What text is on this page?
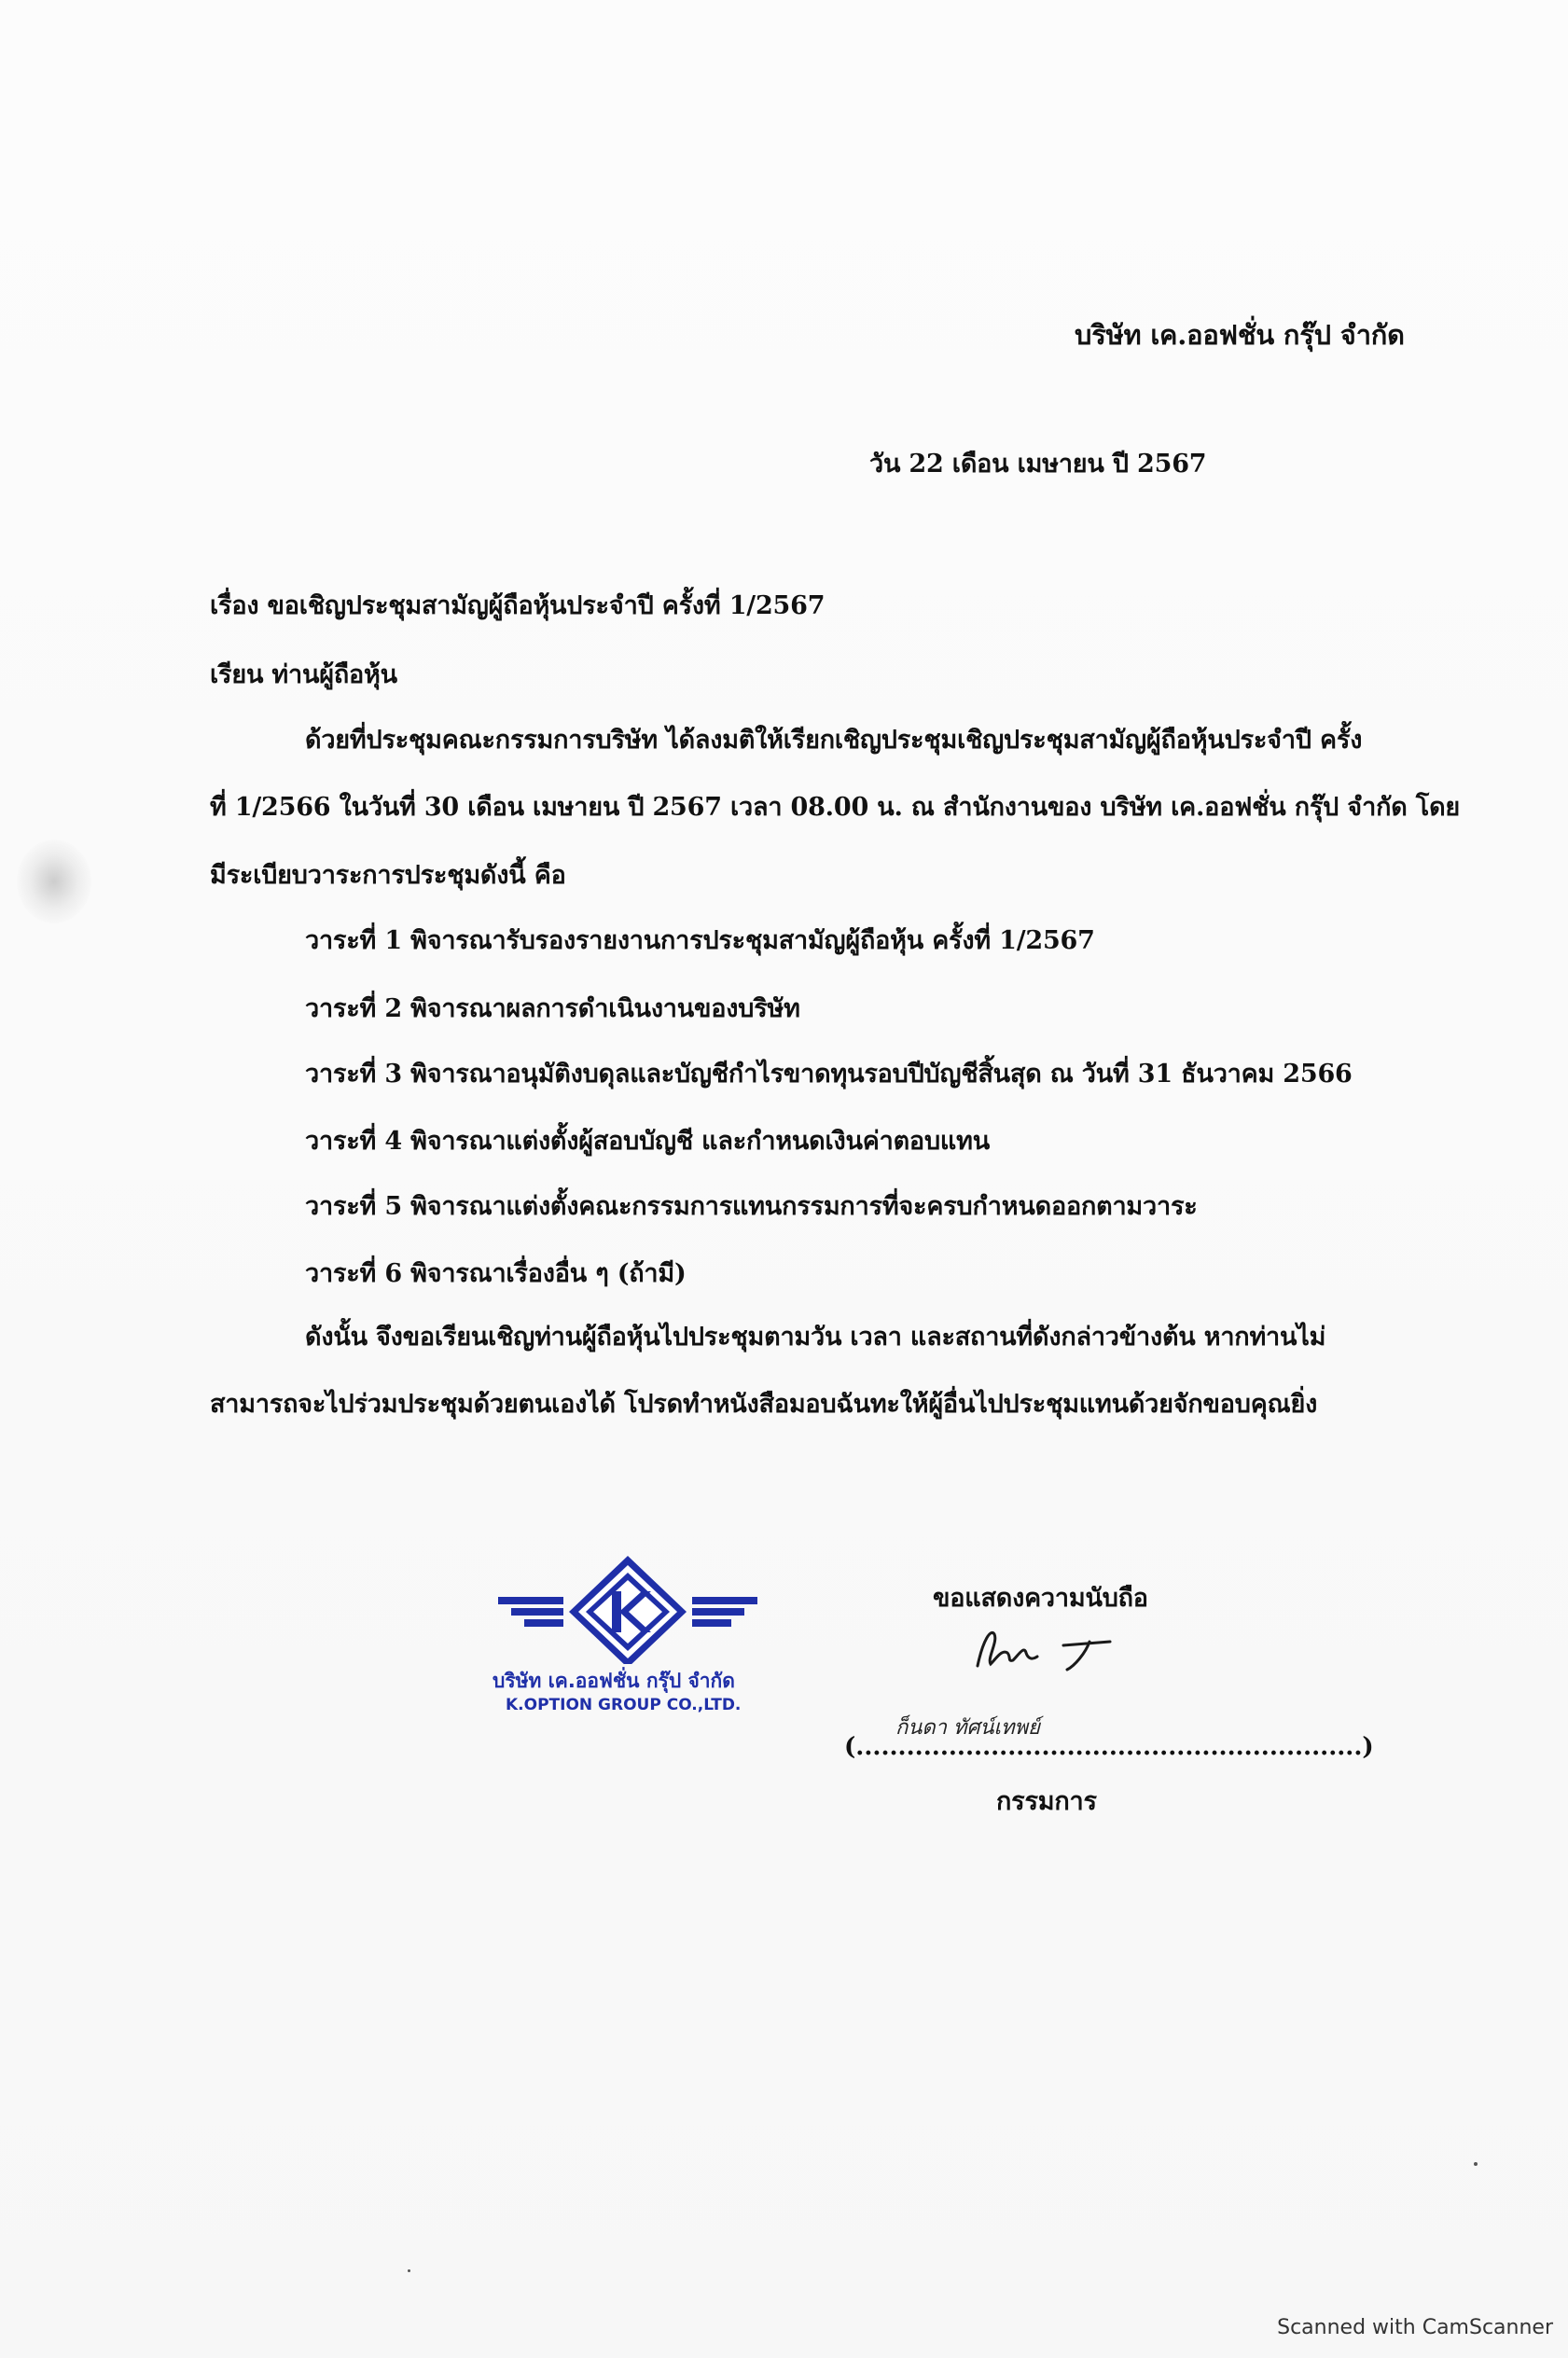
บริษัท เค.ออฟชั่น กรุ๊ป จำกัด
วัน 22 เดือน เมษายน ปี 2567
เรื่อง ขอเชิญประชุมสามัญผู้ถือหุ้นประจำปี ครั้งที่ 1/2567
เรียน ท่านผู้ถือหุ้น
ด้วยที่ประชุมคณะกรรมการบริษัท ได้ลงมติให้เรียกเชิญประชุมเชิญประชุมสามัญผู้ถือหุ้นประจำปี ครั้ง
ที่ 1/2566 ในวันที่ 30 เดือน เมษายน ปี 2567 เวลา 08.00 น. ณ สำนักงานของ บริษัท เค.ออฟชั่น กรุ๊ป จำกัด โดย
มีระเบียบวาระการประชุมดังนี้ คือ
วาระที่ 1 พิจารณารับรองรายงานการประชุมสามัญผู้ถือหุ้น ครั้งที่ 1/2567
วาระที่ 2 พิจารณาผลการดำเนินงานของบริษัท
วาระที่ 3 พิจารณาอนุมัติงบดุลและบัญชีกำไรขาดทุนรอบปีบัญชีสิ้นสุด ณ วันที่ 31 ธันวาคม 2566
วาระที่ 4 พิจารณาแต่งตั้งผู้สอบบัญชี และกำหนดเงินค่าตอบแทน
วาระที่ 5 พิจารณาแต่งตั้งคณะกรรมการแทนกรรมการที่จะครบกำหนดออกตามวาระ
วาระที่ 6 พิจารณาเรื่องอื่น ๆ (ถ้ามี)
ดังนั้น จึงขอเรียนเชิญท่านผู้ถือหุ้นไปประชุมตามวัน เวลา และสถานที่ดังกล่าวข้างต้น หากท่านไม่
สามารถจะไปร่วมประชุมด้วยตนเองได้ โปรดทำหนังสือมอบฉันทะให้ผู้อื่นไปประชุมแทนด้วยจักขอบคุณยิ่ง
บริษัท เค.ออฟชั่น กรุ๊ป จำกัด
K.OPTION GROUP CO.,LTD.
ขอแสดงความนับถือ
ก็นดา ทัศน์เทพย์
(............................................................)
กรรมการ
Scanned with CamScanner
